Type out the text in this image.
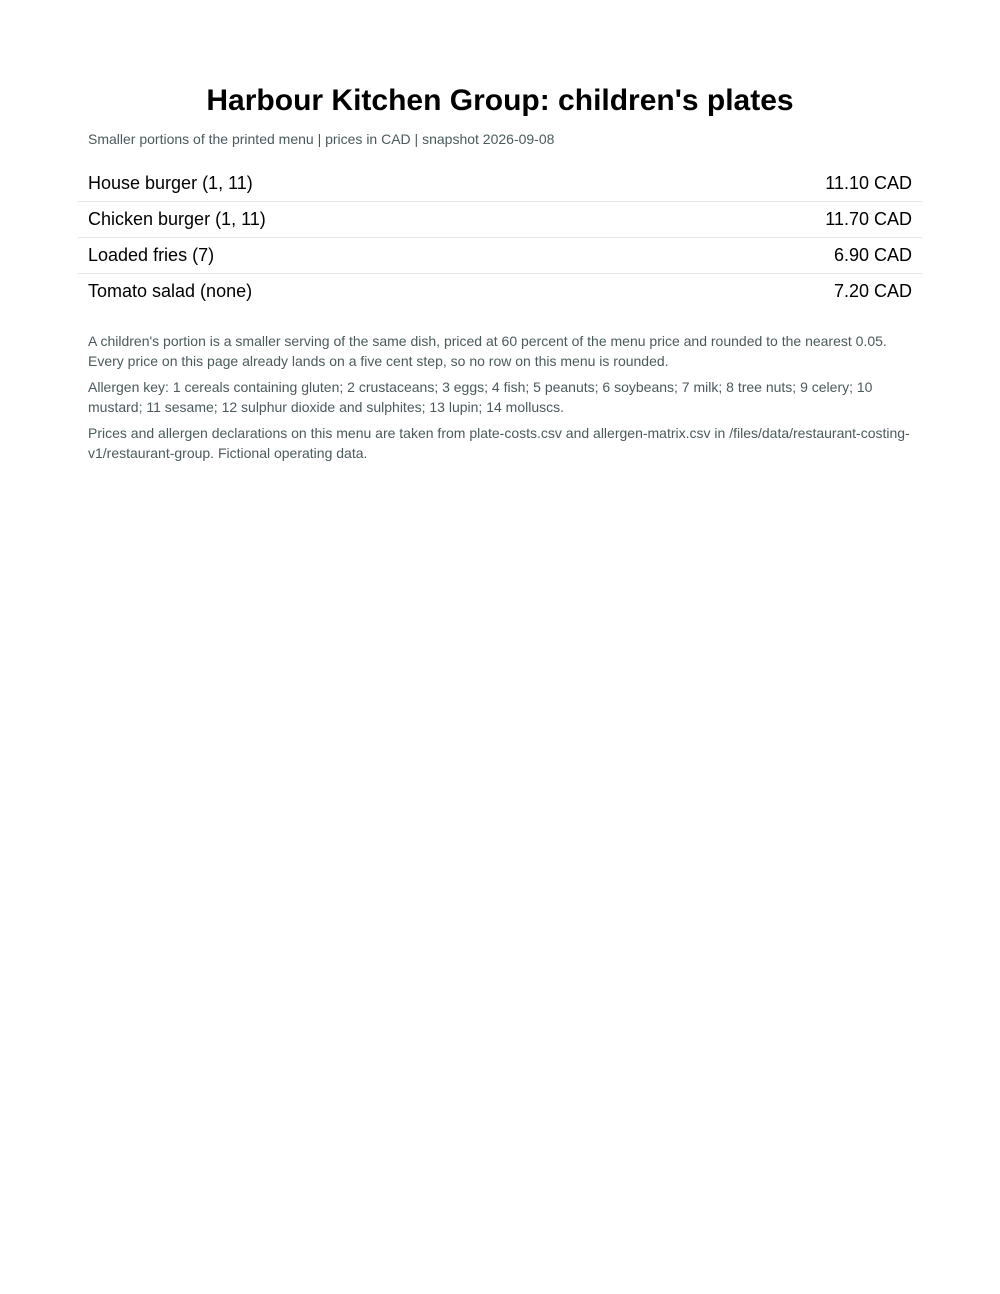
Harbour Kitchen Group: children's plates
Smaller portions of the printed menu | prices in CAD | snapshot 2026-09-08
House burger (1, 11)	11.10 CAD
Chicken burger (1, 11)	11.70 CAD
Loaded fries (7)	6.90 CAD
Tomato salad (none)	7.20 CAD

A children's portion is a smaller serving of the same dish, priced at 60 percent of the menu price and rounded to the nearest 0.05. Every price on this page already lands on a five cent step, so no row on this menu is rounded.

Allergen key: 1 cereals containing gluten; 2 crustaceans; 3 eggs; 4 fish; 5 peanuts; 6 soybeans; 7 milk; 8 tree nuts; 9 celery; 10 mustard; 11 sesame; 12 sulphur dioxide and sulphites; 13 lupin; 14 molluscs.

Prices and allergen declarations on this menu are taken from plate-costs.csv and allergen-matrix.csv in /files/data/restaurant-costing-v1/restaurant-group. Fictional operating data.
